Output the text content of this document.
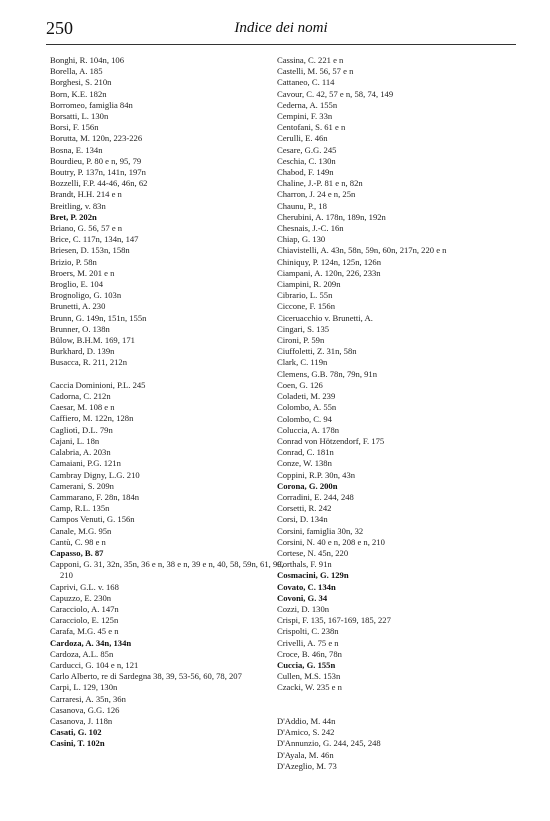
250	Indice dei nomi
Bonghi, R. 104n, 106
Borella, A. 185
Borghesi, S. 210n
Born, K.E. 182n
Borromeo, famiglia 84n
Borsatti, L. 130n
Borsi, F. 156n
Borutta, M. 120n, 223-226
Bosna, E. 134n
Bourdieu, P. 80 e n, 95, 79
Boutry, P. 137n, 141n, 197n
Bozzelli, F.P. 44-46, 46n, 62
Brandt, H.H. 214 e n
Breitling, v. 83n
Bret, P. 202n
Briano, G. 56, 57 e n
Brice, C. 117n, 134n, 147
Briesen, D. 153n, 158n
Brizio, P. 58n
Broers, M. 201 e n
Broglio, E. 104
Brognoligo, G. 103n
Brunetti, A. 230
Brunn, G. 149n, 151n, 155n
Brunner, O. 138n
Bülow, B.H.M. 169, 171
Burkhard, D. 139n
Busacca, R. 211, 212n
Caccia Dominioni, P.L. 245
Cadorna, C. 212n
Caesar, M. 108 e n
Caffiero, M. 122n, 128n
Cagliotì, D.L. 79n
Cajani, L. 18n
Calabria, A. 203n
Camaiani, P.G. 121n
Cambray Digny, L.G. 210
Camerani, S. 209n
Cammarano, F. 28n, 184n
Camp, R.L. 135n
Campos Venuti, G. 156n
Canale, M.G. 95n
Cantù, C. 98 e n
Capasso, B. 87
Capponi, G. 31, 32n, 35n, 36 e n, 38 e n, 39 e n, 40, 58, 59n, 61, 99, 210
Caprivi, G.L. v. 168
Capuzzo, E. 230n
Caracciolo, A. 147n
Caracciolo, E. 125n
Carafa, M.G. 45 e n
Cardoza, A. 34n, 134n
Cardoza, A.L. 85n
Carducci, G. 104 e n, 121
Carlo Alberto, re di Sardegna 38, 39, 53-56, 60, 78, 207
Carpi, L. 129, 130n
Carraresi, A. 35n, 36n
Casanova, G.G. 126
Casanova, J. 118n
Casati, G. 102
Casini, T. 102n
Cassina, C. 221 e n
Castelli, M. 56, 57 e n
Cattaneo, C. 114
Cavour, C. 42, 57 e n, 58, 74, 149
Cederna, A. 155n
Cempini, F. 33n
Centofani, S. 61 e n
Cerulli, E. 46n
Cesare, G.G. 245
Ceschia, C. 130n
Chabod, F. 149n
Chaline, J.-P. 81 e n, 82n
Charron, J. 24 e n, 25n
Chaunu, P., 18
Cherubini, A. 178n, 189n, 192n
Chesnais, J.-C. 16n
Chiap, G. 130
Chiavistelli, A. 43n, 58n, 59n, 60n, 217n, 220 e n
Chiniquy, P. 124n, 125n, 126n
Ciampani, A. 120n, 226, 233n
Ciampini, R. 209n
Cibrario, L. 55n
Ciccone, F. 156n
Ciceruacchio v. Brunetti, A.
Cingari, S. 135
Cironi, P. 59n
Ciuffoletti, Z. 31n, 58n
Clark, C. 119n
Clemens, G.B. 78n, 79n, 91n
Coen, G. 126
Coladeti, M. 239
Colombo, A. 55n
Colombo, C. 94
Coluccia, A. 178n
Conrad von Hötzendorf, F. 175
Conrad, C. 181n
Conze, W. 138n
Coppini, R.P. 30n, 43n
Corona, G. 200n
Corradini, E. 244, 248
Corsetti, R. 242
Corsi, D. 134n
Corsini, famiglia 30n, 32
Corsini, N. 40 e n, 208 e n, 210
Cortese, N. 45n, 220
Corthals, F. 91n
Cosmacini, G. 129n
Covato, C. 134n
Covoni, G. 34
Cozzi, D. 130n
Crispi, F. 135, 167-169, 185, 227
Crispolti, C. 238n
Crivelli, A. 75 e n
Croce, B. 46n, 78n
Cuccia, G. 155n
Cullen, M.S. 153n
Czacki, W. 235 e n
D'Addio, M. 44n
D'Amico, S. 242
D'Annunzio, G. 244, 245, 248
D'Ayala, M. 46n
D'Azeglio, M. 73
